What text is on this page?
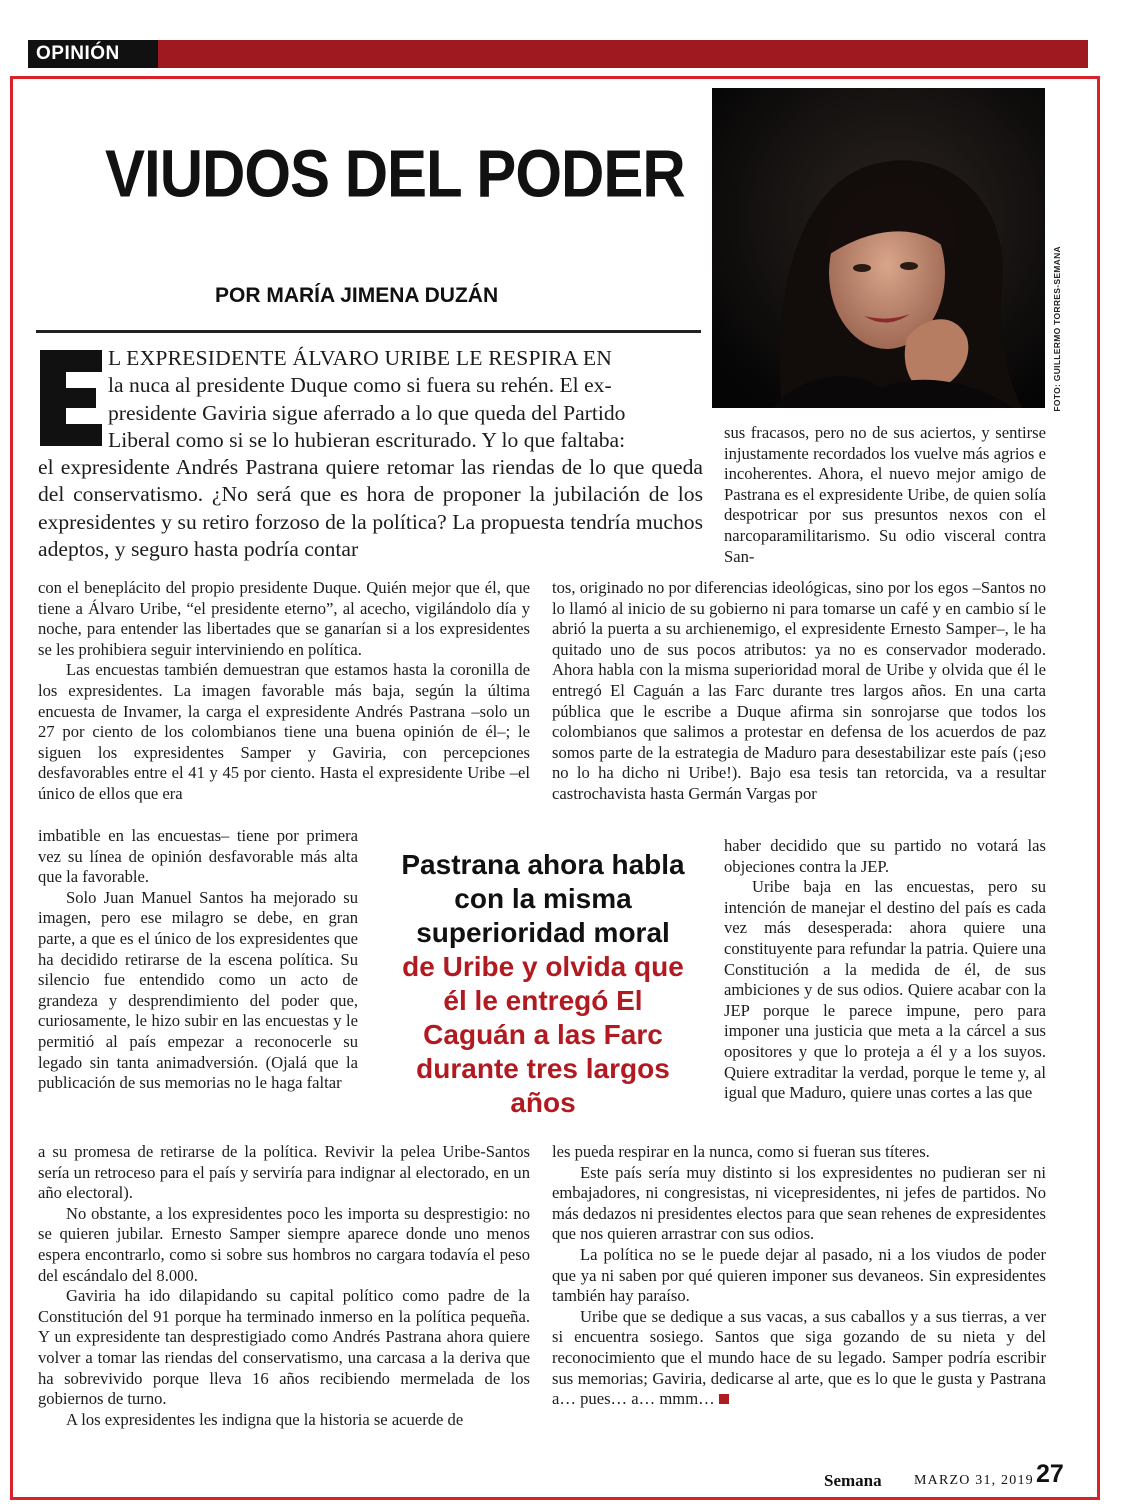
OPINIÓN
FOTO: GUILLERMO TORRES-SEMANA
VIUDOS DEL PODER
POR MARÍA JIMENA DUZÁN
L EXPRESIDENTE ÁLVARO URIBE LE RESPIRA EN
la nuca al presidente Duque como si fuera su rehén. El ex-
presidente Gaviria sigue aferrado a lo que queda del Partido
Liberal como si se lo hubieran escriturado. Y lo que faltaba:
el expresidente Andrés Pastrana quiere retomar las riendas de lo que queda del conservatismo. ¿No será que es hora de proponer la jubilación de los expresidentes y su retiro forzoso de la política? La propuesta tendría muchos adeptos, y seguro hasta podría contar

sus fracasos, pero no de sus aciertos, y sentirse injustamente recordados los vuelve más agrios e incoherentes. Ahora, el nuevo mejor amigo de Pastrana es el expresidente Uribe, de quien solía despotricar por sus presuntos nexos con el narcoparamilitarismo. Su odio visceral contra San-

con el beneplácito del propio presidente Duque. Quién mejor que él, que tiene a Álvaro Uribe, “el presidente eterno”, al acecho, vigilándolo día y noche, para entender las libertades que se ganarían si a los expresidentes se les prohibiera seguir interviniendo en política.

Las encuestas también demuestran que estamos hasta la coronilla de los expresidentes. La imagen favorable más baja, según la última encuesta de Invamer, la carga el expresidente Andrés Pastrana –solo un 27 por ciento de los colombianos tiene una buena opinión de él–; le siguen los expresidentes Samper y Gaviria, con percepciones desfavorables entre el 41 y 45 por ciento. Hasta el expresidente Uribe –el único de ellos que era

imbatible en las encuestas– tiene por primera vez su línea de opinión desfavorable más alta que la favorable.

Solo Juan Manuel Santos ha mejorado su imagen, pero ese milagro se debe, en gran parte, a que es el único de los expresidentes que ha decidido retirarse de la escena política. Su silencio fue entendido como un acto de grandeza y desprendimiento del poder que, curiosamente, le hizo subir en las encuestas y le permitió al país empezar a reconocerle su legado sin tanta animadversión. (Ojalá que la publicación de sus memorias no le haga faltar

a su promesa de retirarse de la política. Revivir la pelea Uribe-Santos sería un retroceso para el país y serviría para indignar al electorado, en un año electoral).

No obstante, a los expresidentes poco les importa su desprestigio: no se quieren jubilar. Ernesto Samper siempre aparece donde uno menos espera encontrarlo, como si sobre sus hombros no cargara todavía el peso del escándalo del 8.000.

Gaviria ha ido dilapidando su capital político como padre de la Constitución del 91 porque ha terminado inmerso en la política pequeña. Y un expresidente tan desprestigiado como Andrés Pastrana ahora quiere volver a tomar las riendas del conservatismo, una carcasa a la deriva que ha sobrevivido porque lleva 16 años recibiendo mermelada de los gobiernos de turno.

A los expresidentes les indigna que la historia se acuerde de

tos, originado no por diferencias ideológicas, sino por los egos –Santos no lo llamó al inicio de su gobierno ni para tomarse un café y en cambio sí le abrió la puerta a su archienemigo, el expresidente Ernesto Samper–, le ha quitado uno de sus pocos atributos: ya no es conservador moderado. Ahora habla con la misma superioridad moral de Uribe y olvida que él le entregó El Caguán a las Farc durante tres largos años. En una carta pública que le escribe a Duque afirma sin sonrojarse que todos los colombianos que salimos a protestar en defensa de los acuerdos de paz somos parte de la estrategia de Maduro para desestabilizar este país (¡eso no lo ha dicho ni Uribe!). Bajo esa tesis tan retorcida, va a resultar castrochavista hasta Germán Vargas por

haber decidido que su partido no votará las objeciones contra la JEP.

Uribe baja en las encuestas, pero su intención de manejar el destino del país es cada vez más desesperada: ahora quiere una constituyente para refundar la patria. Quiere una Constitución a la medida de él, de sus ambiciones y de sus odios. Quiere acabar con la JEP porque le parece impune, pero para imponer una justicia que meta a la cárcel a sus opositores y que lo proteja a él y a los suyos. Quiere extraditar la verdad, porque le teme y, al igual que Maduro, quiere unas cortes a las que

les pueda respirar en la nunca, como si fueran sus títeres.

Este país sería muy distinto si los expresidentes no pudieran ser ni embajadores, ni congresistas, ni vicepresidentes, ni jefes de partidos. No más dedazos ni presidentes electos para que sean rehenes de expresidentes que nos quieren arrastrar con sus odios.

La política no se le puede dejar al pasado, ni a los viudos de poder que ya ni saben por qué quieren imponer sus devaneos. Sin expresidentes también hay paraíso.

Uribe que se dedique a sus vacas, a sus caballos y a sus tierras, a ver si encuentra sosiego. Santos que siga gozando de su nieta y del reconocimiento que el mundo hace de su legado. Samper podría escribir sus memorias; Gaviria, dedicarse al arte, que es lo que le gusta y Pastrana a… pues… a… mmm…

Pastrana ahora habla con la misma superioridad moral de Uribe y olvida que él le entregó El Caguán a las Farc durante tres largos años
Semana MARZO 31, 2019 27
